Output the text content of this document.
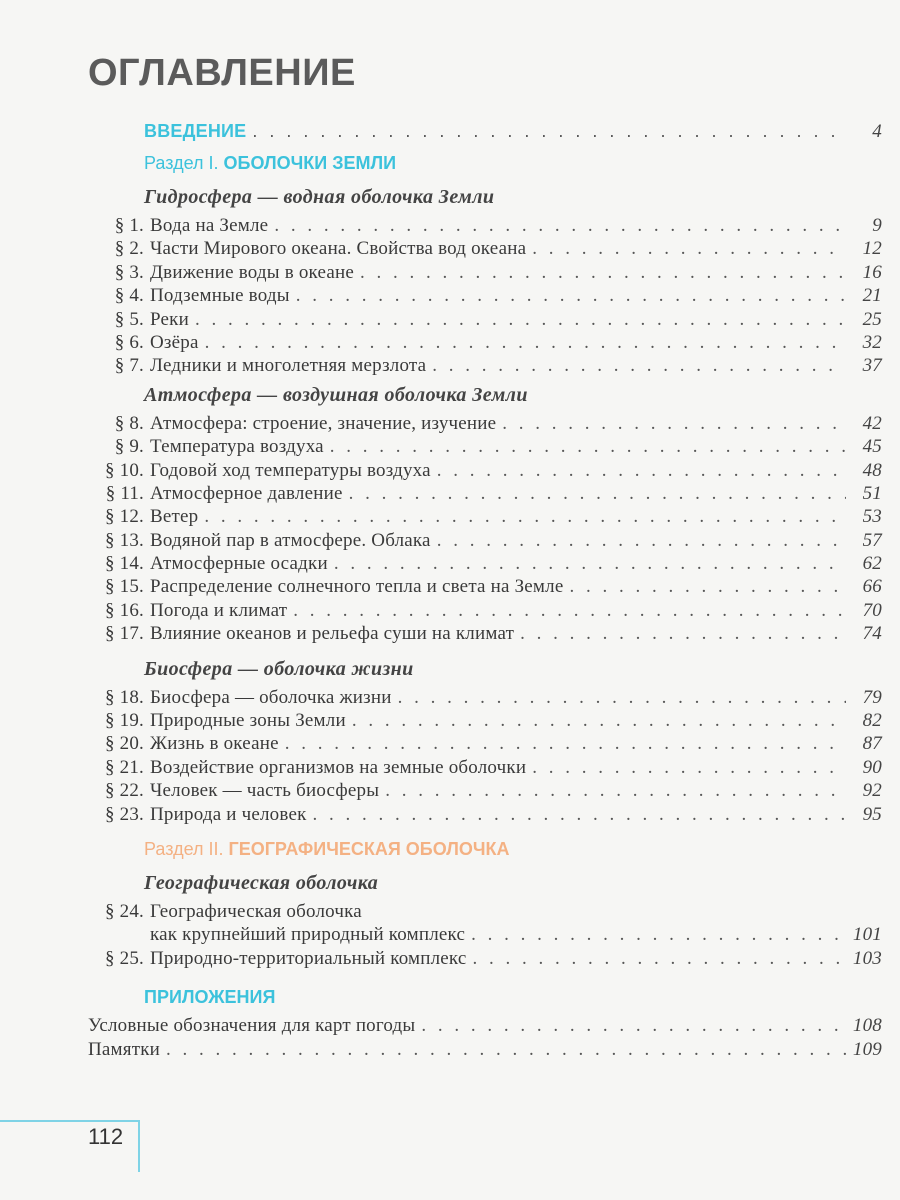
ОГЛАВЛЕНИЕ
ВВЕДЕНИЕ . . .	4
Раздел I. ОБОЛОЧКИ ЗЕМЛИ
Гидросфера — водная оболочка Земли
§ 1. Вода на Земле . . .	9
§ 2. Части Мирового океана. Свойства вод океана . . .	12
§ 3. Движение воды в океане . . .	16
§ 4. Подземные воды . . .	21
§ 5. Реки . . .	25
§ 6. Озёра . . .	32
§ 7. Ледники и многолетняя мерзлота . . .	37
Атмосфера — воздушная оболочка Земли
§ 8. Атмосфера: строение, значение, изучение . . .	42
§ 9. Температура воздуха . . .	45
§ 10. Годовой ход температуры воздуха . . .	48
§ 11. Атмосферное давление . . .	51
§ 12. Ветер . . .	53
§ 13. Водяной пар в атмосфере. Облака . . .	57
§ 14. Атмосферные осадки . . .	62
§ 15. Распределение солнечного тепла и света на Земле . . .	66
§ 16. Погода и климат . . .	70
§ 17. Влияние океанов и рельефа суши на климат . . .	74
Биосфера — оболочка жизни
§ 18. Биосфера — оболочка жизни . . .	79
§ 19. Природные зоны Земли . . .	82
§ 20. Жизнь в океане . . .	87
§ 21. Воздействие организмов на земные оболочки . . .	90
§ 22. Человек — часть биосферы . . .	92
§ 23. Природа и человек . . .	95
Раздел II. ГЕОГРАФИЧЕСКАЯ ОБОЛОЧКА
Географическая оболочка
§ 24. Географическая оболочка
как крупнейший природный комплекс . . .	101
§ 25. Природно-территориальный комплекс . . .	103
ПРИЛОЖЕНИЯ
Условные обозначения для карт погоды . . .	108
Памятки . . .	109
112
